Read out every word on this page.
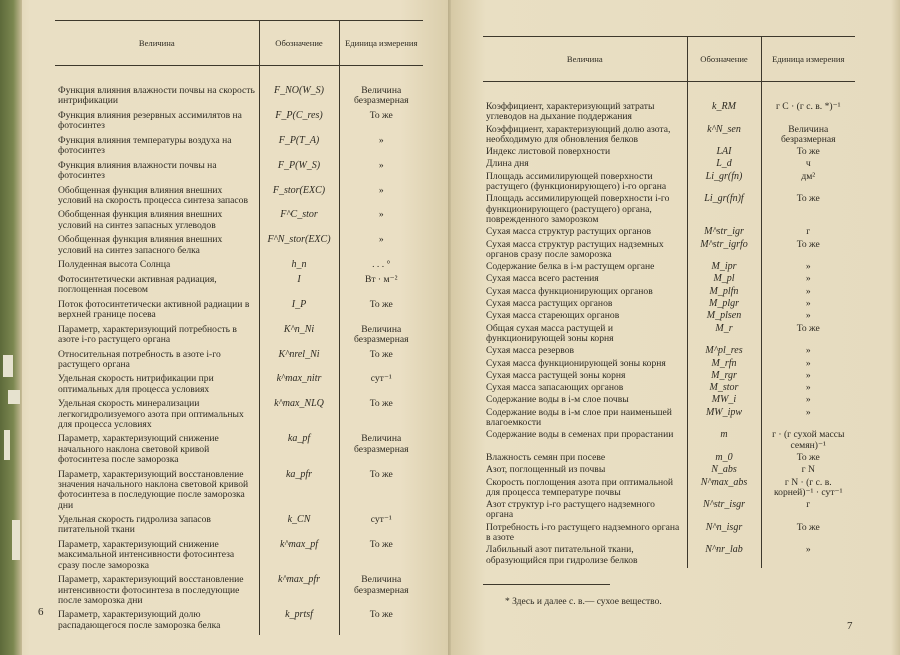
Величина	Обозначение	Единица измерения
Функция влияния влажности почвы на скорость интрификации	F_NO(W_S)	Величина безразмерная
Функция влияния резервных ассимилятов на фотосинтез	F_P(C_res)	То же
Функция влияния температуры воздуха на фотосинтез	F_P(T_A)	»
Функция влияния влажности почвы на фотосинтез	F_P(W_S)	»
Обобщенная функция влияния внешних условий на скорость процесса синтеза запасов	F_stor(EXC)	»
Обобщенная функция влияния внешних условий на синтез запасных углеводов	F^C_stor	»
Обобщенная функция влияния внешних условий на синтез запасного белка	F^N_stor(EXC)	»
Полуденная высота Солнца	h_n	. . . °
Фотосинтетически активная радиация, поглощенная посевом	I	Вт · м⁻²
Поток фотосинтетически активной радиации в верхней границе посева	I_P	То же
Параметр, характеризующий потребность в азоте i-го растущего органа	K^n_Ni	Величина безразмерная
Относительная потребность в азоте i-го растущего органа	K^nrel_Ni	То же
Удельная скорость нитрификации при оптимальных для процесса условиях	k^max_nitr	сут⁻¹
Удельная скорость минерализации легкогидролизуемого азота при оптимальных для процесса условиях	k^max_NLQ	То же
Параметр, характеризующий снижение начального наклона световой кривой фотосинтеза после заморозка	ka_pf	Величина безразмерная
Параметр, характеризующий восстановление значения начального наклона световой кривой фотосинтеза в последующие после заморозка дни	ka_pfr	То же
Удельная скорость гидролиза запасов питательной ткани	k_CN	сут⁻¹
Параметр, характеризующий снижение максимальной интенсивности фотосинтеза сразу после заморозка	k^max_pf	То же
Параметр, характеризующий восстановление интенсивности фотосинтеза в последующие после заморозка дни	k^max_pfr	Величина безразмерная
Параметр, характеризующий долю распадающегося после заморозка белка	k_prtsf	То же
6
Величина	Обозначение	Единица измерения
Коэффициент, характеризующий затраты углеводов на дыхание поддержания	k_RM	г С · (г с. в. *)⁻¹
Коэффициент, характеризующий долю азота, необходимую для обновления белков	k^N_sen	Величина безразмерная
Индекс листовой поверхности	LAI	То же
Длина дня	L_d	ч
Площадь ассимилирующей поверхности растущего (функционирующего) i-го органа	Li_gr(fn)	дм²
Площадь ассимилирующей поверхности i-го функционирующего (растущего) органа, поврежденного заморозком	Li_gr(fn)f	То же
Сухая масса структур растущих органов	M^str_igr	г
Сухая масса структур растущих надземных органов сразу после заморозка	M^str_igrfo	То же
Содержание белка в i-м растущем органе	M_ipr	»
Сухая масса всего растения	M_pl	»
Сухая масса функционирующих органов	M_plfn	»
Сухая масса растущих органов	M_plgr	»
Сухая масса стареющих органов	M_plsen	»
Общая сухая масса растущей и функционирующей зоны корня	M_r	То же
Сухая масса резервов	M^pl_res	»
Сухая масса функционирующей зоны корня	M_rfn	»
Сухая масса растущей зоны корня	M_rgr	»
Сухая масса запасающих органов	M_stor	»
Содержание воды в i-м слое почвы	MW_i	»
Содержание воды в i-м слое при наименьшей влагоемкости	MW_ipw	»
Содержание воды в семенах при прорастании	m	г · (г сухой массы семян)⁻¹
Влажность семян при посеве	m_0	То же
Азот, поглощенный из почвы	N_abs	г N
Скорость поглощения азота при оптимальной для процесса температуре почвы	N^max_abs	г N · (г с. в. корней)⁻¹ · сут⁻¹
Азот структур i-го растущего надземного органа	N^str_isgr	г
Потребность i-го растущего надземного органа в азоте	N^n_isgr	То же
Лабильный азот питательной ткани, образующийся при гидролизе белков	N^nr_lab	»
* Здесь и далее с. в.— сухое вещество.
7
